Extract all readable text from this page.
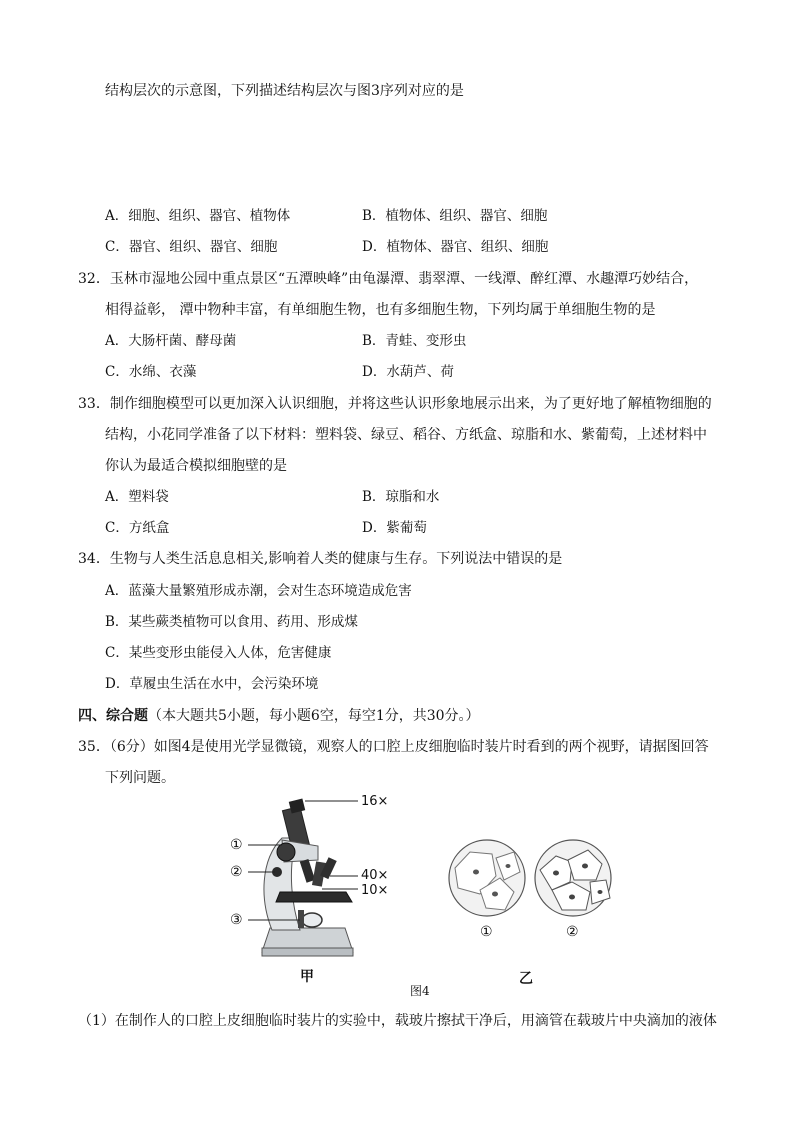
结构层次的示意图，下列描述结构层次与图3序列对应的是
A．细胞、组织、器官、植物体	B．植物体、组织、器官、细胞
C．器官、组织、器官、细胞	D．植物体、器官、组织、细胞
32．玉林市湿地公园中重点景区“五潭映峰”由龟瀑潭、翡翠潭、一线潭、醉红潭、水趣潭巧妙结合，
相得益彰， 潭中物种丰富，有单细胞生物，也有多细胞生物，下列均属于单细胞生物的是
A．大肠杆菌、酵母菌	B．青蛙、变形虫
C．水绵、衣藻	D．水葫芦、荷
33．制作细胞模型可以更加深入认识细胞，并将这些认识形象地展示出来，为了更好地了解植物细胞的
结构，小花同学准备了以下材料：塑料袋、绿豆、稻谷、方纸盒、琼脂和水、紫葡萄，上述材料中
你认为最适合模拟细胞壁的是
A．塑料袋	B．琼脂和水
C．方纸盒	D．紫葡萄
34．生物与人类生活息息相关,影响着人类的健康与生存。下列说法中错误的是
A．蓝藻大量繁殖形成赤潮，会对生态环境造成危害
B．某些蕨类植物可以食用、药用、形成煤
C．某些变形虫能侵入人体，危害健康
D．草履虫生活在水中，会污染环境
四、综合题（本大题共5小题，每小题6空，每空1分，共30分。）
35．（6分）如图4是使用光学显微镜，观察人的口腔上皮细胞临时装片时看到的两个视野，请据图回答
下列问题。
16×
40×
10×
①
②
③
①	②
甲
图4
乙
（1）在制作人的口腔上皮细胞临时装片的实验中，载玻片擦拭干净后，用滴管在载玻片中央滴加的液体
